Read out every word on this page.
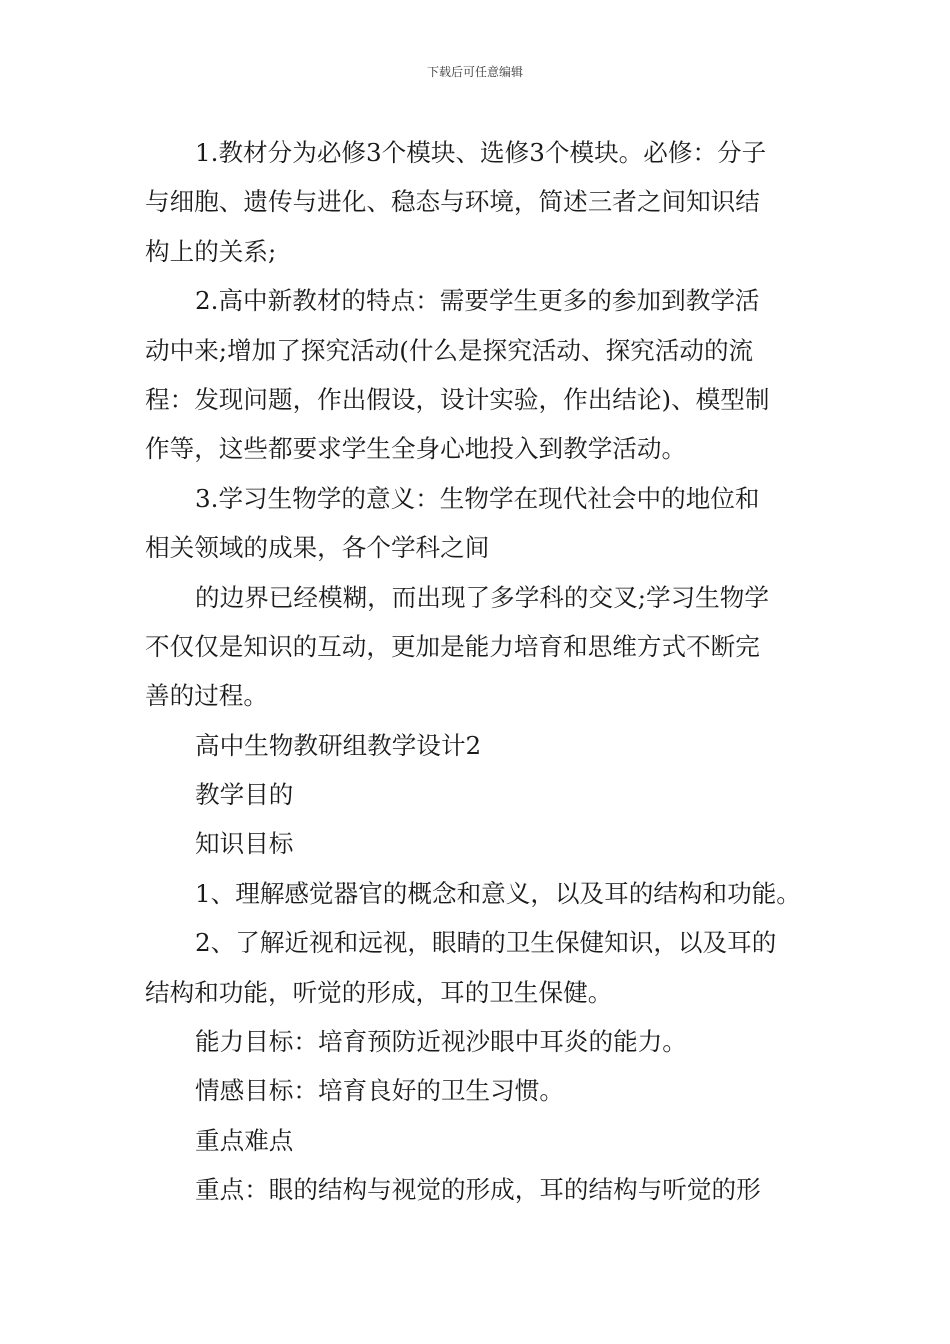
下载后可任意编辑
1.教材分为必修3个模块、选修3个模块。必修：分子
与细胞、遗传与进化、稳态与环境，简述三者之间知识结
构上的关系;
2.高中新教材的特点：需要学生更多的参加到教学活
动中来;增加了探究活动(什么是探究活动、探究活动的流
程：发现问题，作出假设，设计实验，作出结论)、模型制
作等，这些都要求学生全身心地投入到教学活动。
3.学习生物学的意义：生物学在现代社会中的地位和
相关领域的成果，各个学科之间
的边界已经模糊，而出现了多学科的交叉;学习生物学
不仅仅是知识的互动，更加是能力培育和思维方式不断完
善的过程。
高中生物教研组教学设计2
教学目的
知识目标
1、理解感觉器官的概念和意义，以及耳的结构和功能。
2、了解近视和远视，眼睛的卫生保健知识，以及耳的
结构和功能，听觉的形成，耳的卫生保健。
能力目标：培育预防近视沙眼中耳炎的能力。
情感目标：培育良好的卫生习惯。
重点难点
重点：眼的结构与视觉的形成，耳的结构与听觉的形
